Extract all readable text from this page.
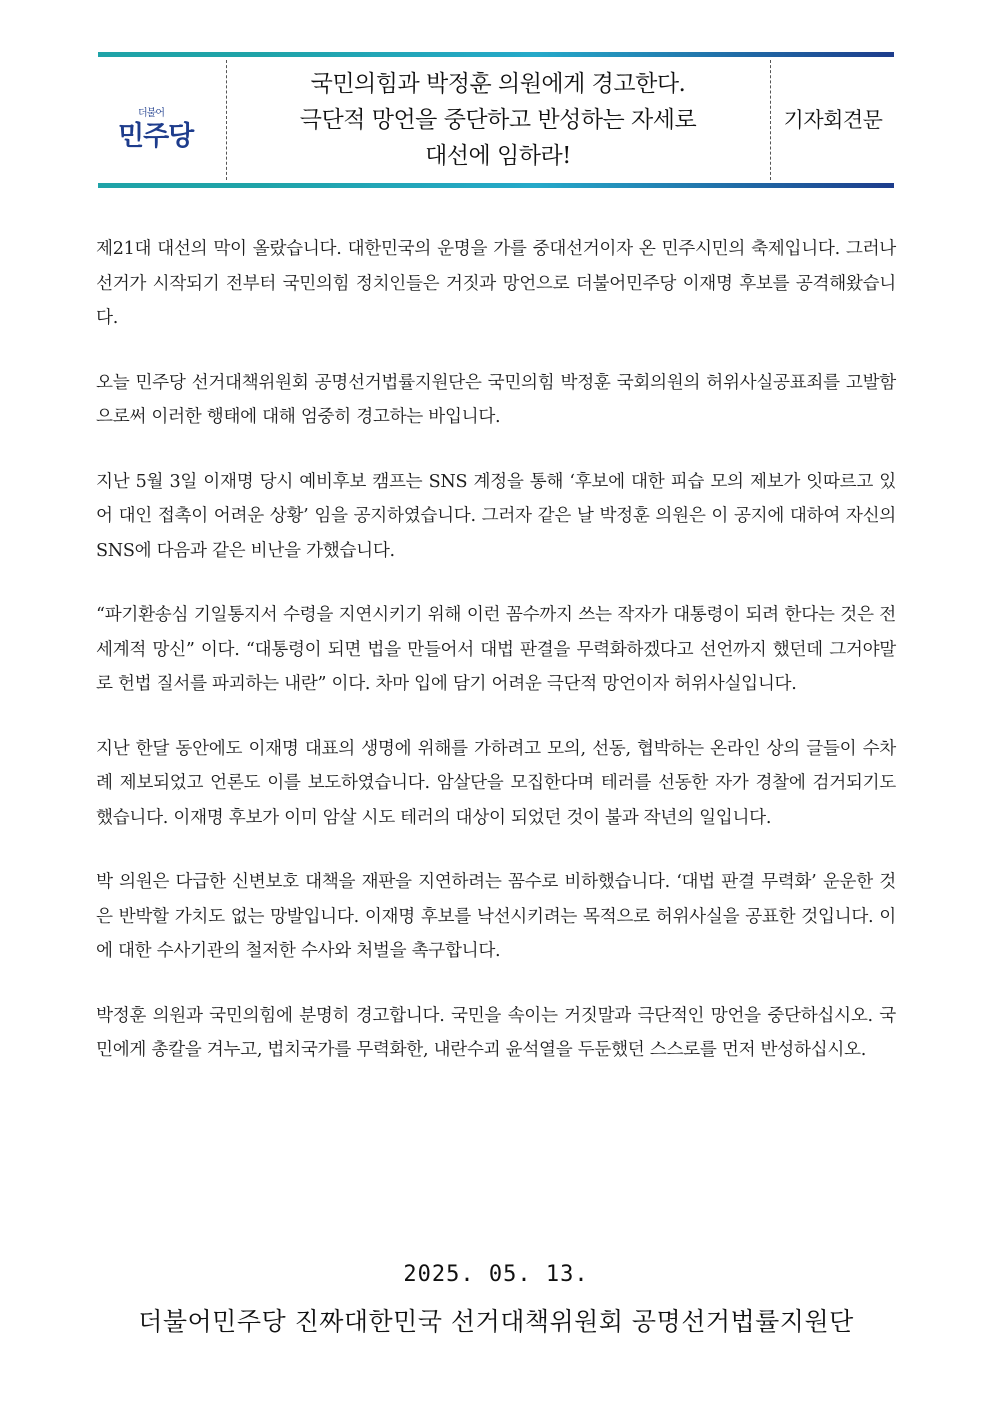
더불어
민주당
국민의힘과 박정훈 의원에게 경고한다.
극단적 망언을 중단하고 반성하는 자세로
대선에 임하라!
기자회견문

제21대 대선의 막이 올랐습니다. 대한민국의 운명을 가를 중대선거이자 온 민주시민의 축제입니다. 그러나 선거가 시작되기 전부터 국민의힘 정치인들은 거짓과 망언으로 더불어민주당 이재명 후보를 공격해왔습니다.

오늘 민주당 선거대책위원회 공명선거법률지원단은 국민의힘 박정훈 국회의원의 허위사실공표죄를 고발함으로써 이러한 행태에 대해 엄중히 경고하는 바입니다.

지난 5월 3일 이재명 당시 예비후보 캠프는 SNS 계정을 통해 ‘후보에 대한 피습 모의 제보가 잇따르고 있어 대인 접촉이 어려운 상황’ 임을 공지하였습니다. 그러자 같은 날 박정훈 의원은 이 공지에 대하여 자신의 SNS에 다음과 같은 비난을 가했습니다.

“파기환송심 기일통지서 수령을 지연시키기 위해 이런 꼼수까지 쓰는 작자가 대통령이 되려 한다는 것은 전 세계적 망신” 이다. “대통령이 되면 법을 만들어서 대법 판결을 무력화하겠다고 선언까지 했던데 그거야말로 헌법 질서를 파괴하는 내란” 이다. 차마 입에 담기 어려운 극단적 망언이자 허위사실입니다.

지난 한달 동안에도 이재명 대표의 생명에 위해를 가하려고 모의, 선동, 협박하는 온라인 상의 글들이 수차례 제보되었고 언론도 이를 보도하였습니다. 암살단을 모집한다며 테러를 선동한 자가 경찰에 검거되기도 했습니다. 이재명 후보가 이미 암살 시도 테러의 대상이 되었던 것이 불과 작년의 일입니다.

박 의원은 다급한 신변보호 대책을 재판을 지연하려는 꼼수로 비하했습니다. ‘대법 판결 무력화’ 운운한 것은 반박할 가치도 없는 망발입니다. 이재명 후보를 낙선시키려는 목적으로 허위사실을 공표한 것입니다. 이에 대한 수사기관의 철저한 수사와 처벌을 촉구합니다.

박정훈 의원과 국민의힘에 분명히 경고합니다. 국민을 속이는 거짓말과 극단적인 망언을 중단하십시오. 국민에게 총칼을 겨누고, 법치국가를 무력화한, 내란수괴 윤석열을 두둔했던 스스로를 먼저 반성하십시오.

2025. 05. 13.
더불어민주당 진짜대한민국 선거대책위원회 공명선거법률지원단
